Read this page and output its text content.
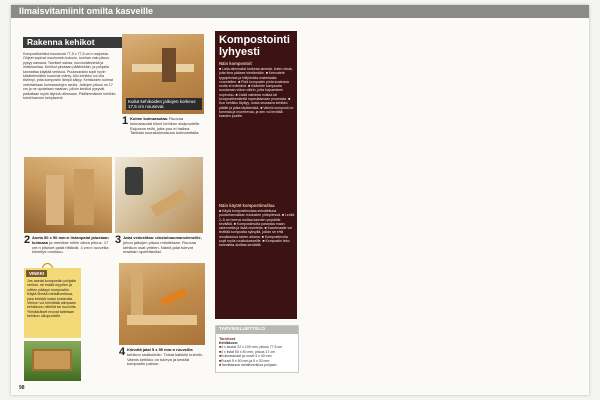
Ilmaisvitamiinit omilta kasveille
Rakenna kehikot
Kompostikehikot koostuvat 77,5 x 77,5 cm:n sarjoista. Ohjeet sopivat muuhunkin kokoon, kunhan vain pituus pysyy samana. Tarvitset sahaa, ruuvinväännintä ja mittanauhaa. Kehikot pinotaan päällekkäin, ja pohjalla kannattaa käyttää verkkoa. Puutavaraksi sopii hyvin käsittelemätön kuusi tai mänty. Alin kehikko voi olla tiiviimpi, jotta kompostin lämpö säilyy. Kehikoiden kulmat vahvistetaan kulmarautojen avulla. Jalkojen pituus on 17 cm ja ne upotetaan maahan, jolloin kehikot pysyvät paikallaan myös täynnä ollessaan. Päällimmäinen kehikko toimii kannen kehyksenä.
Kuilut kehikoiden jalkojen korkeus 17,5 cm nousevat.
1 Kolme kulmarautaa. Ruuvaa kulmaraudat kiinni kehikon sisäpuolelle. Esiporaa reiät, jotta puu ei halkea. Tarkista suorakulmaisuus kulmamitalla.
2 Aseta 50 x 50 mm:n listanpalat jalustaan kulmaan ja merkitse niihin oikea pituus. 17 cm:n pituiset palat riittävät. 4 cm:n ruuveilla kiinnitys onnistuu.
3 Jalat vedoslitaa: ulostuloaumanviemeille, johon jalkojen pituus mitoitetaan. Ruuvaa kehikon osat yhteen. Nämä jalat tulevat maahan upotettaviksi.
VINKKI
Jos asetat kompostiin pohjalle verkon, se estää myyrien ja rottien pääsyn kompostiin. Käytä tiheää metalliverkkoa, joka kestää maan kosteutta. Verkon voi kiinnittää alimpaan kehikkoon niiteillä tai ruuveilla. Ylimääräiset reunat taitetaan kehikon ulkopuolelle.
4 Kiinnitä jalat 5 x 50 mm:n ruuveilla kehikon sisäkulmiin. Toista kaikkiin kulmiin. Valmis kehikko on tukeva ja kestää kompostin painon.
Kompostointi lyhyesti
Näin kompostoit
■ Laita alimmaksi karkeaa ainesta, kuten oksia, jotta ilma pääsee kiertämään. ■ Kerrostele typpipitoista ja hiilipitoista materiaalia vuorotellen. ■ Pidä kompostin pinta kosteana mutta ei märkänä. ■ Kääntele kompostia muutaman viikon välein, jotta hajoaminen nopeutuu. ■ Lisää valmista multaa tai kompostiherätettä nopeuttamaan prosessia. ■ Kun kehikko täyttyy, nosta seuraava kehikko päälle ja jatka täyttämistä. ■ Valmis komposti on tummaa ja murenevaa, ja sen voi levittää kasvien juurille.
Näin käytät kompostimultaa
■ Käytä kompostimultaa sekoitettuna puutarhamultaan istutusten yhteydessä. ■ Levitä 2–5 cm kerros multaa kasvien ympärille keväällä. ■ Kompostimulta parantaa maan rakennetta ja lisää ravinteita. ■ Kasvimaalle voi levittää kompostia syksyllä, jolloin se ehtii muokkautua talven aikana. ■ Kompostimulta sopii myös ruukkukasveille. ■ Kompostin teko kannattaa aloittaa keväällä.
TARVIKELUETTELO
Tarvitset
Kehikkoon:
■ 4 x laudat 22 x 100 mm, pituus 77,5 cm
■ 4 x listat 50 x 50 mm, pituus 17 cm
■ Kulmaraudat ja ruuvit 4 x 40 mm
■ Ruuvit 5 x 50 mm ja 5 x 30 mm
■ Tarvittaessa metalliverkkoa pohjaan
98
